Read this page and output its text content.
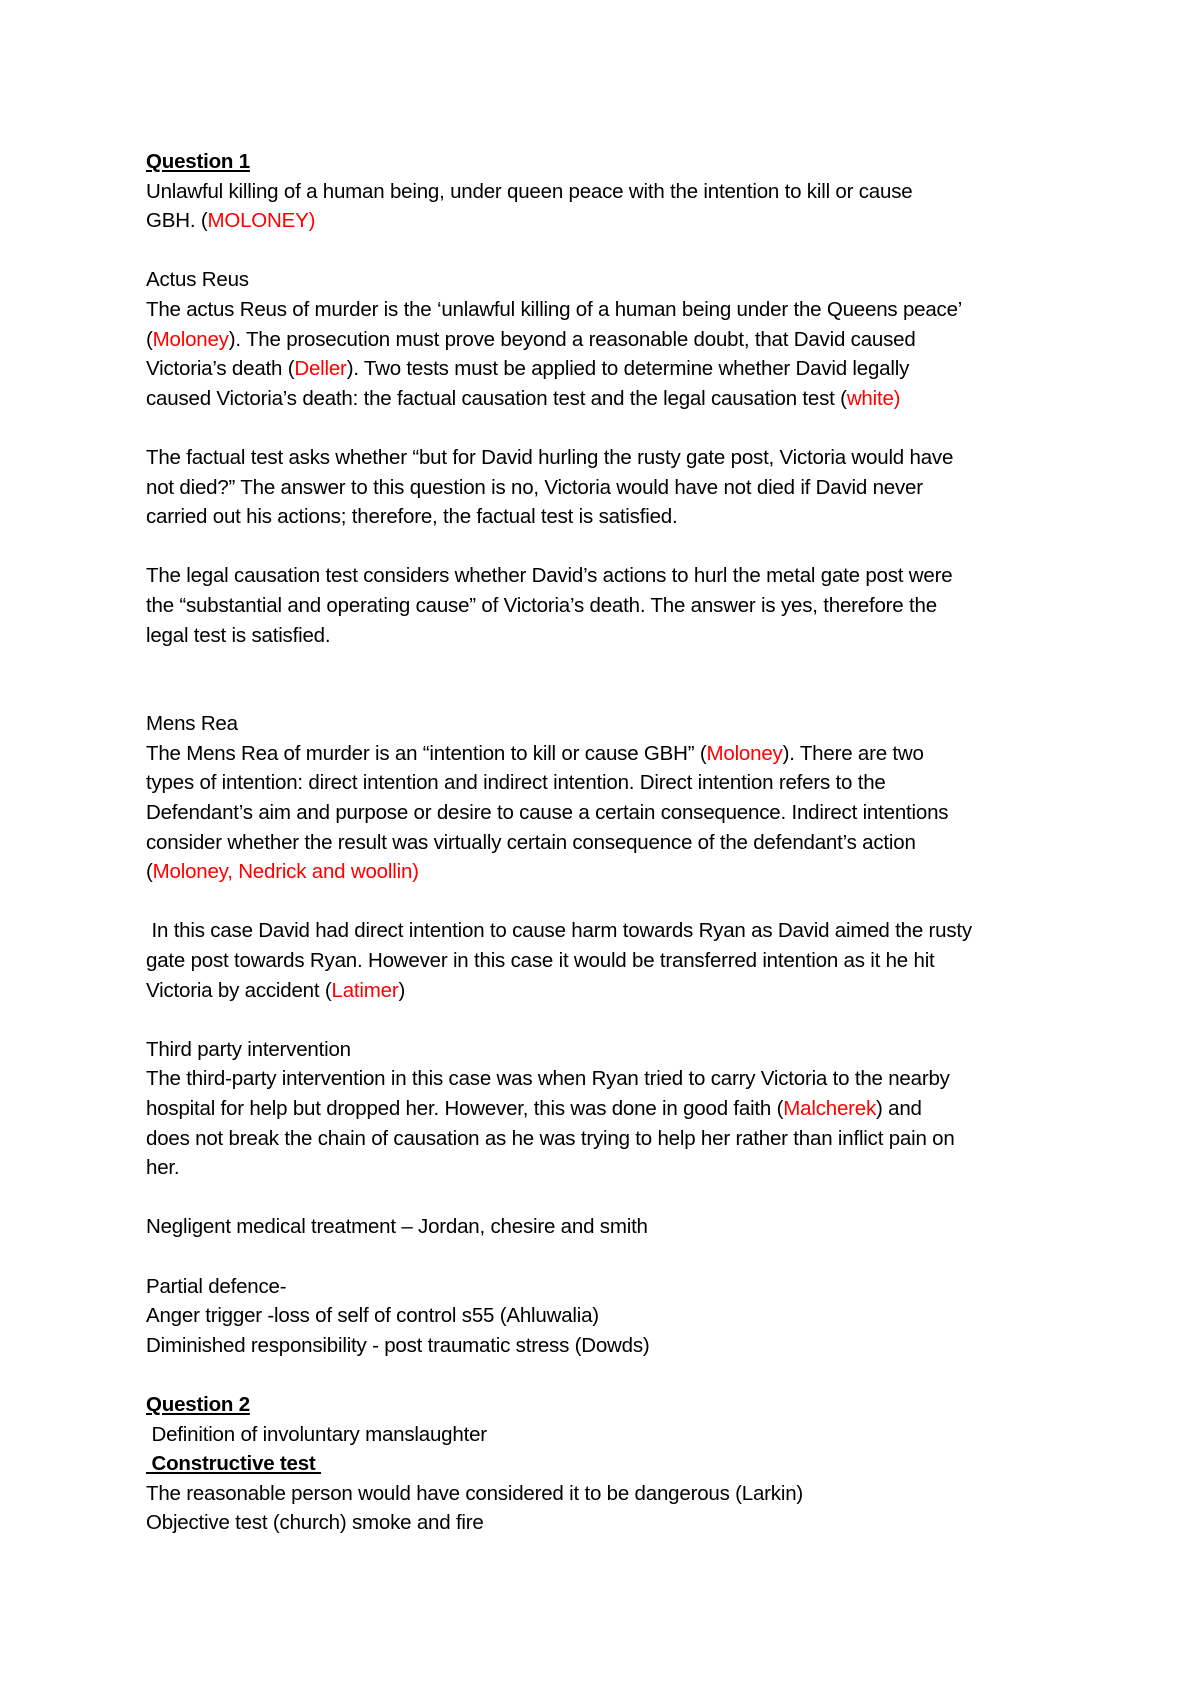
Question 1
Unlawful killing of a human being, under queen peace with the intention to kill or cause
GBH. (MOLONEY)
Actus Reus
The actus Reus of murder is the ‘unlawful killing of a human being under the Queens peace’
(Moloney). The prosecution must prove beyond a reasonable doubt, that David caused
Victoria’s death (Deller). Two tests must be applied to determine whether David legally
caused Victoria’s death: the factual causation test and the legal causation test (white)
The factual test asks whether “but for David hurling the rusty gate post, Victoria would have
not died?” The answer to this question is no, Victoria would have not died if David never
carried out his actions; therefore, the factual test is satisfied.
The legal causation test considers whether David’s actions to hurl the metal gate post were
the “substantial and operating cause” of Victoria’s death. The answer is yes, therefore the
legal test is satisfied.
Mens Rea
The Mens Rea of murder is an “intention to kill or cause GBH” (Moloney). There are two
types of intention: direct intention and indirect intention. Direct intention refers to the
Defendant’s aim and purpose or desire to cause a certain consequence. Indirect intentions
consider whether the result was virtually certain consequence of the defendant’s action
(Moloney, Nedrick and woollin)
In this case David had direct intention to cause harm towards Ryan as David aimed the rusty
gate post towards Ryan. However in this case it would be transferred intention as it he hit
Victoria by accident (Latimer)
Third party intervention
The third-party intervention in this case was when Ryan tried to carry Victoria to the nearby
hospital for help but dropped her. However, this was done in good faith (Malcherek) and
does not break the chain of causation as he was trying to help her rather than inflict pain on
her.
Negligent medical treatment – Jordan, chesire and smith
Partial defence-
Anger trigger -loss of self of control s55 (Ahluwalia)
Diminished responsibility - post traumatic stress (Dowds)
Question 2
Definition of involuntary manslaughter
Constructive test
The reasonable person would have considered it to be dangerous (Larkin)
Objective test (church) smoke and fire
